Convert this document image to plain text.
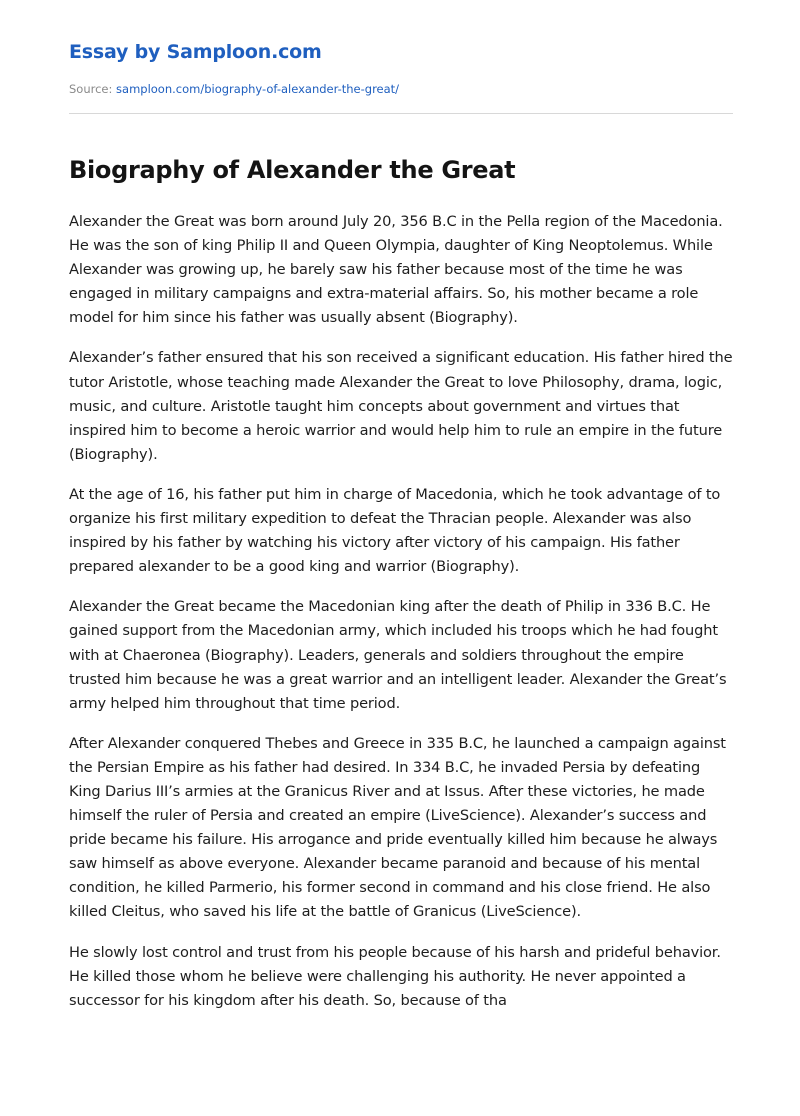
Essay by Samploon.com
Source: samploon.com/biography-of-alexander-the-great/
Biography of Alexander the Great

Alexander the Great was born around July 20, 356 B.C in the Pella region of the Macedonia. He was the son of king Philip II and Queen Olympia, daughter of King Neoptolemus. While Alexander was growing up, he barely saw his father because most of the time he was engaged in military campaigns and extra-material affairs. So, his mother became a role model for him since his father was usually absent (Biography).

Alexander’s father ensured that his son received a significant education. His father hired the tutor Aristotle, whose teaching made Alexander the Great to love Philosophy, drama, logic, music, and culture. Aristotle taught him concepts about government and virtues that inspired him to become a heroic warrior and would help him to rule an empire in the future (Biography).

At the age of 16, his father put him in charge of Macedonia, which he took advantage of to organize his first military expedition to defeat the Thracian people. Alexander was also inspired by his father by watching his victory after victory of his campaign. His father prepared alexander to be a good king and warrior (Biography).

Alexander the Great became the Macedonian king after the death of Philip in 336 B.C. He gained support from the Macedonian army, which included his troops which he had fought with at Chaeronea (Biography). Leaders, generals and soldiers throughout the empire trusted him because he was a great warrior and an intelligent leader. Alexander the Great’s army helped him throughout that time period.

After Alexander conquered Thebes and Greece in 335 B.C, he launched a campaign against the Persian Empire as his father had desired. In 334 B.C, he invaded Persia by defeating King Darius III’s armies at the Granicus River and at Issus. After these victories, he made himself the ruler of Persia and created an empire (LiveScience). Alexander’s success and pride became his failure. His arrogance and pride eventually killed him because he always saw himself as above everyone. Alexander became paranoid and because of his mental condition, he killed Parmerio, his former second in command and his close friend. He also killed Cleitus, who saved his life at the battle of Granicus (LiveScience).

He slowly lost control and trust from his people because of his harsh and prideful behavior. He killed those whom he believe were challenging his authority. He never appointed a successor for his kingdom after his death. So, because of tha
